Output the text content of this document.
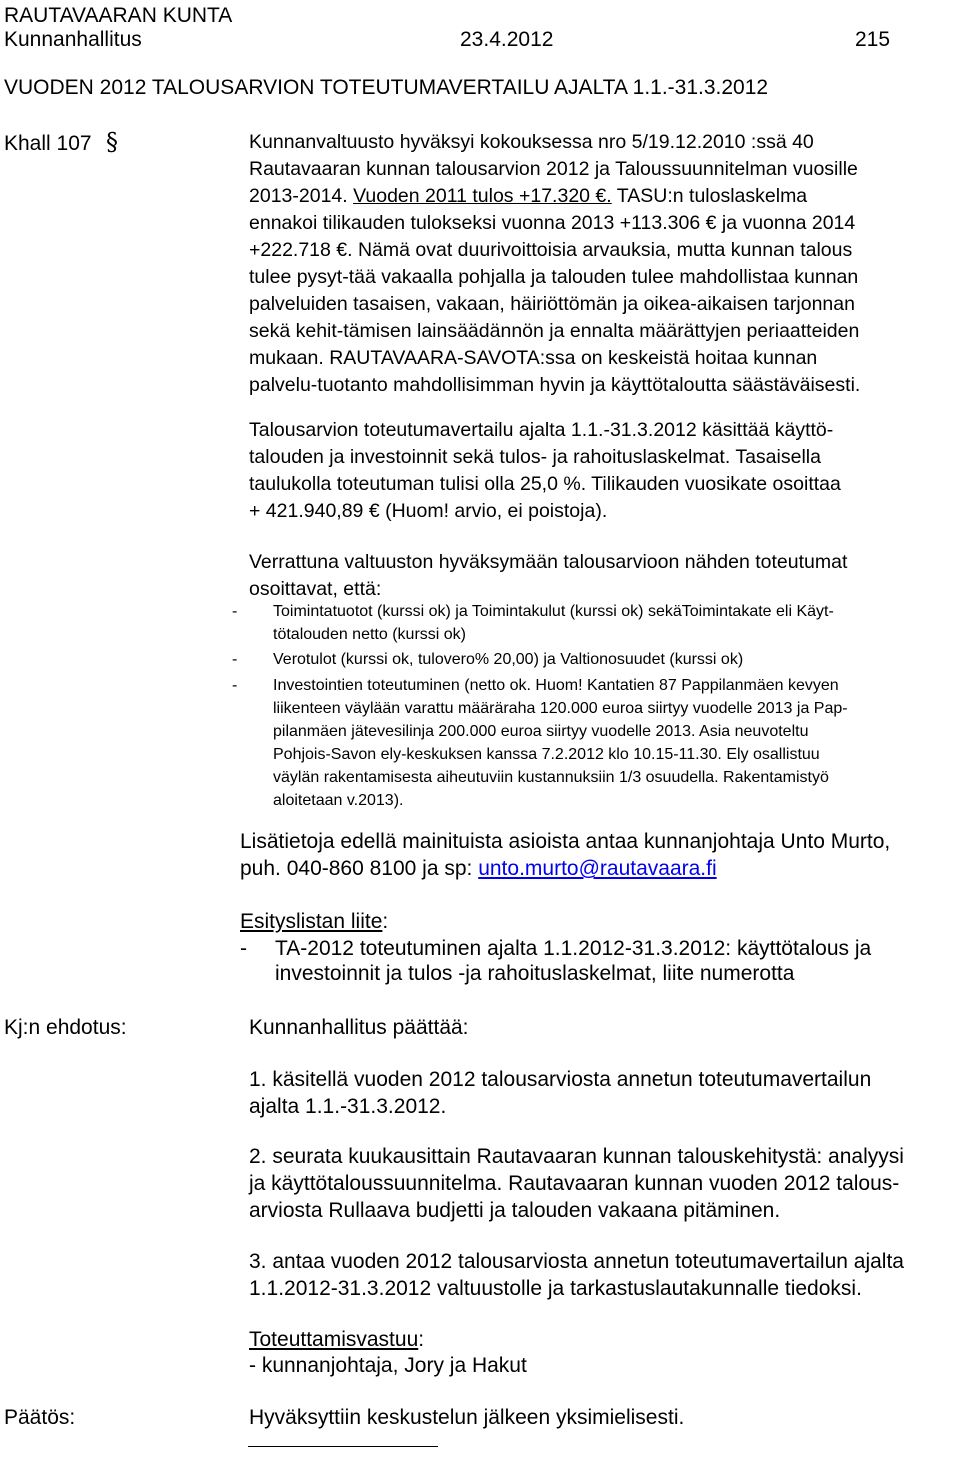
RAUTAVAARAN KUNTA
Kunnanhallitus	23.4.2012	215
VUODEN 2012 TALOUSARVION TOTEUTUMAVERTAILU AJALTA 1.1.-31.3.2012
Khall 107 §	Kunnanvaltuusto hyväksyi kokouksessa nro 5/19.12.2010 :ssä 40
Rautavaaran kunnan talousarvion 2012 ja Taloussuunnitelman vuosille
2013-2014. Vuoden 2011 tulos +17.320 €. TASU:n tuloslaskelma
ennakoi tilikauden tulokseksi vuonna 2013 +113.306 € ja vuonna 2014
+222.718 €. Nämä ovat duurivoittoisia arvauksia, mutta kunnan talous
tulee pysyt-tää vakaalla pohjalla ja talouden tulee mahdollistaa kunnan
palveluiden tasaisen, vakaan, häiriöttömän ja oikea-aikaisen tarjonnan
sekä kehit-tämisen lainsäädännön ja ennalta määrättyjen periaatteiden
mukaan. RAUTAVAARA-SAVOTA:ssa on keskeistä hoitaa kunnan
palvelu-tuotanto mahdollisimman hyvin ja käyttötaloutta säästäväisesti.
Talousarvion toteutumavertailu ajalta 1.1.-31.3.2012 käsittää käyttö-
talouden ja investoinnit sekä tulos- ja rahoituslaskelmat. Tasaisella
taulukolla toteutuman tulisi olla 25,0 %. Tilikauden vuosikate osoittaa
+ 421.940,89 € (Huom! arvio, ei poistoja).
Verrattuna valtuuston hyväksymään talousarvioon nähden toteutumat
osoittavat, että:
- Toimintatuotot (kurssi ok) ja Toimintakulut (kurssi ok) sekäToimintakate eli Käyt-
tötalouden netto (kurssi ok)
- Verotulot (kurssi ok, tulovero% 20,00) ja Valtionosuudet (kurssi ok)
- Investointien toteutuminen (netto ok. Huom! Kantatien 87 Pappilanmäen kevyen
liikenteen väylään varattu määräraha 120.000 euroa siirtyy vuodelle 2013 ja Pap-
pilanmäen jätevesilinja 200.000 euroa siirtyy vuodelle 2013. Asia neuvoteltu
Pohjois-Savon ely-keskuksen kanssa 7.2.2012 klo 10.15-11.30. Ely osallistuu
väylän rakentamisesta aiheutuviin kustannuksiin 1/3 osuudella. Rakentamistyö
aloitetaan v.2013).
Lisätietoja edellä mainituista asioista antaa kunnanjohtaja Unto Murto,
puh. 040-860 8100 ja sp: unto.murto@rautavaara.fi
Esityslistan liite:
- TA-2012 toteutuminen ajalta 1.1.2012-31.3.2012: käyttötalous ja
investoinnit ja tulos -ja rahoituslaskelmat, liite numerotta
Kj:n ehdotus:	Kunnanhallitus päättää:
1. käsitellä vuoden 2012 talousarviosta annetun toteutumavertailun
ajalta 1.1.-31.3.2012.
2. seurata kuukausittain Rautavaaran kunnan talouskehitystä: analyysi
ja käyttötaloussuunnitelma. Rautavaaran kunnan vuoden 2012 talous-
arviosta Rullaava budjetti ja talouden vakaana pitäminen.
3. antaa vuoden 2012 talousarviosta annetun toteutumavertailun ajalta
1.1.2012-31.3.2012 valtuustolle ja tarkastuslautakunnalle tiedoksi.
Toteuttamisvastuu:
- kunnanjohtaja, Jory ja Hakut
Päätös:	Hyväksyttiin keskustelun jälkeen yksimielisesti.
